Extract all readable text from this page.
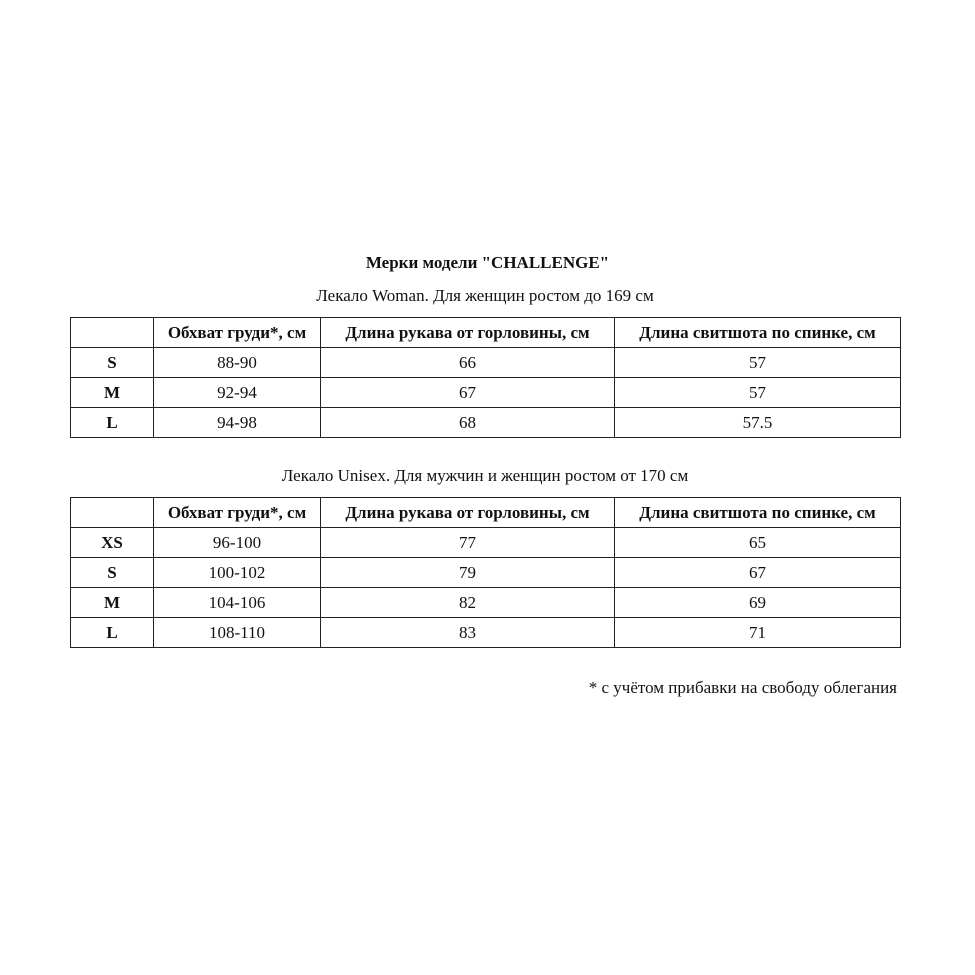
Мерки модели "CHALLENGE"
Лекало Woman. Для женщин ростом до 169 см
	Обхват груди*, см	Длина рукава от горловины, см	Длина свитшота по спинке, см
S	88-90	66	57
M	92-94	67	57
L	94-98	68	57.5
Лекало Unisex. Для мужчин и женщин ростом от 170 см
	Обхват груди*, см	Длина рукава от горловины, см	Длина свитшота по спинке, см
XS	96-100	77	65
S	100-102	79	67
M	104-106	82	69
L	108-110	83	71
* с учётом прибавки на свободу облегания
